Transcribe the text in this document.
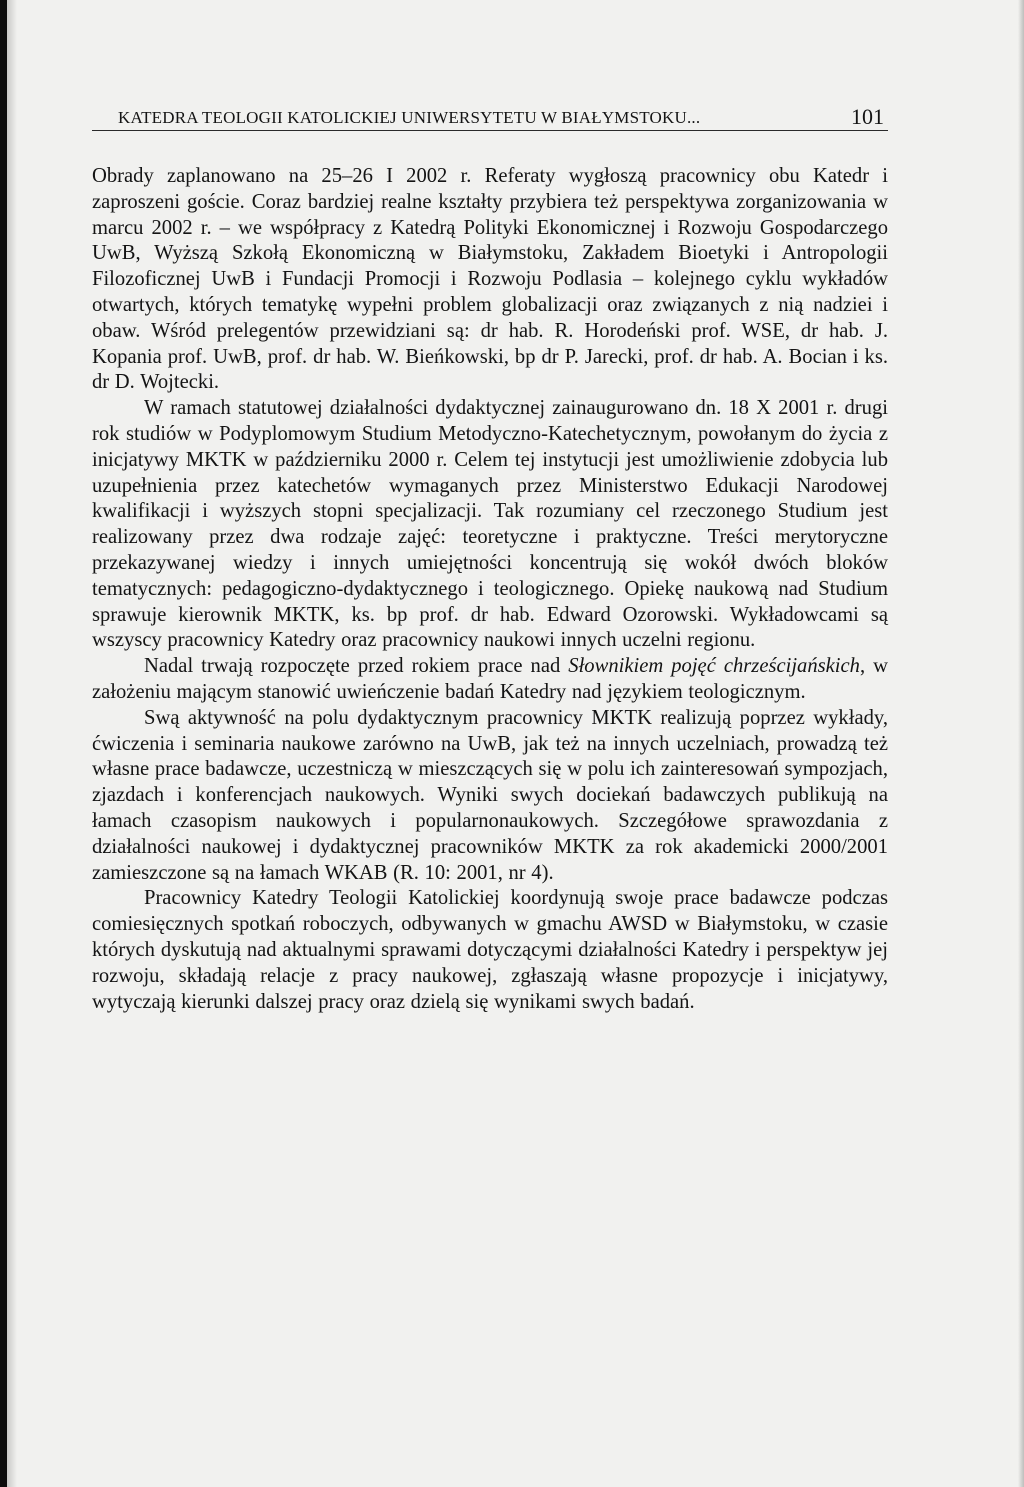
KATEDRA TEOLOGII KATOLICKIEJ UNIWERSYTETU W BIAŁYMSTOKU...	101

Obrady zaplanowano na 25–26 I 2002 r. Referaty wygłoszą pracownicy obu Katedr i zaproszeni goście. Coraz bardziej realne kształty przybiera też perspektywa zorganizowania w marcu 2002 r. – we współpracy z Katedrą Polityki Ekonomicznej i Rozwoju Gospodarczego UwB, Wyższą Szkołą Ekonomiczną w Białymstoku, Zakładem Bioetyki i Antropologii Filozoficznej UwB i Fundacji Promocji i Rozwoju Podlasia – kolejnego cyklu wykładów otwartych, których tematykę wypełni problem globalizacji oraz związanych z nią nadziei i obaw. Wśród prelegentów przewidziani są: dr hab. R. Horodeński prof. WSE, dr hab. J. Kopania prof. UwB, prof. dr hab. W. Bieńkowski, bp dr P. Jarecki, prof. dr hab. A. Bocian i ks. dr D. Wojtecki.

W ramach statutowej działalności dydaktycznej zainaugurowano dn. 18 X 2001 r. drugi rok studiów w Podyplomowym Studium Metodyczno-Katechetycznym, powołanym do życia z inicjatywy MKTK w październiku 2000 r. Celem tej instytucji jest umożliwienie zdobycia lub uzupełnienia przez katechetów wymaganych przez Ministerstwo Edukacji Narodowej kwalifikacji i wyższych stopni specjalizacji. Tak rozumiany cel rzeczonego Studium jest realizowany przez dwa rodzaje zajęć: teoretyczne i praktyczne. Treści merytoryczne przekazywanej wiedzy i innych umiejętności koncentrują się wokół dwóch bloków tematycznych: pedagogiczno-dydaktycznego i teologicznego. Opiekę naukową nad Studium sprawuje kierownik MKTK, ks. bp prof. dr hab. Edward Ozorowski. Wykładowcami są wszyscy pracownicy Katedry oraz pracownicy naukowi innych uczelni regionu.

Nadal trwają rozpoczęte przed rokiem prace nad Słownikiem pojęć chrześcijańskich, w założeniu mającym stanowić uwieńczenie badań Katedry nad językiem teologicznym.

Swą aktywność na polu dydaktycznym pracownicy MKTK realizują poprzez wykłady, ćwiczenia i seminaria naukowe zarówno na UwB, jak też na innych uczelniach, prowadzą też własne prace badawcze, uczestniczą w mieszczących się w polu ich zainteresowań sympozjach, zjazdach i konferencjach naukowych. Wyniki swych dociekań badawczych publikują na łamach czasopism naukowych i popularnonaukowych. Szczegółowe sprawozdania z działalności naukowej i dydaktycznej pracowników MKTK za rok akademicki 2000/2001 zamieszczone są na łamach WKAB (R. 10: 2001, nr 4).

Pracownicy Katedry Teologii Katolickiej koordynują swoje prace badawcze podczas comiesięcznych spotkań roboczych, odbywanych w gmachu AWSD w Białymstoku, w czasie których dyskutują nad aktualnymi sprawami dotyczącymi działalności Katedry i perspektyw jej rozwoju, składają relacje z pracy naukowej, zgłaszają własne propozycje i inicjatywy, wytyczają kierunki dalszej pracy oraz dzielą się wynikami swych badań.
